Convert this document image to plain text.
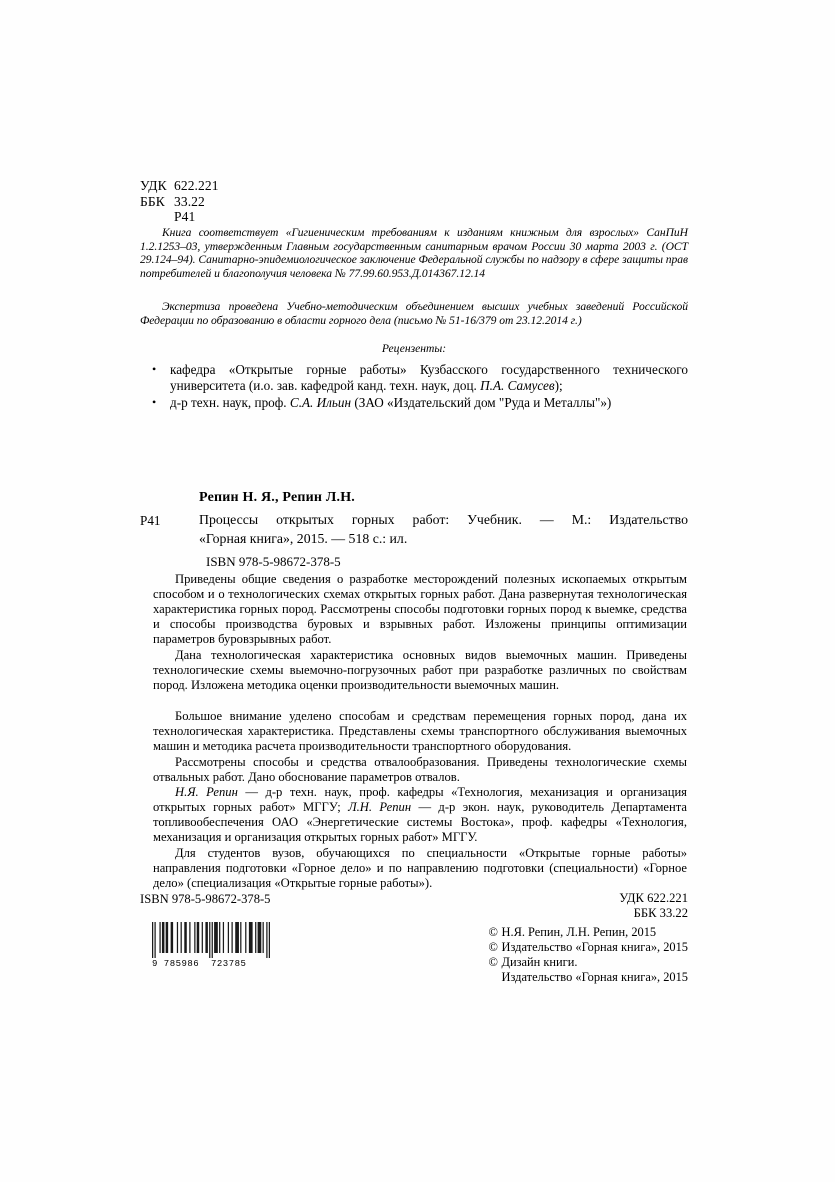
УДК 622.221
ББК 33.22
Р41
Книга соответствует «Гигиеническим требованиям к изданиям книжным для взрослых» СанПиН 1.2.1253–03, утвержденным Главным государственным санитарным врачом России 30 марта 2003 г. (ОСТ 29.124–94). Санитарно-эпидемиологическое заключение Федеральной службы по надзору в сфере защиты прав потребителей и благополучия человека № 77.99.60.953.Д.014367.12.14
Экспертиза проведена Учебно-методическим объединением высших учебных заведений Российской Федерации по образованию в области горного дела (письмо № 51-16/379 от 23.12.2014 г.)
Рецензенты:
• кафедра «Открытые горные работы» Кузбасского государственного технического университета (и.о. зав. кафедрой канд. техн. наук, доц. П.А. Самусев);
• д-р техн. наук, проф. С.А. Ильин (ЗАО «Издательский дом "Руда и Металлы"»)
Репин Н. Я., Репин Л.Н.
Р41	Процессы открытых горных работ: Учебник. — М.: Издательство
«Горная книга», 2015. — 518 с.: ил.
ISBN 978-5-98672-378-5
Приведены общие сведения о разработке месторождений полезных ископаемых открытым способом и о технологических схемах открытых горных работ. Дана развернутая технологическая характеристика горных пород. Рассмотрены способы подготовки горных пород к выемке, средства и способы производства буровых и взрывных работ. Изложены принципы оптимизации параметров буровзрывных работ.
Дана технологическая характеристика основных видов выемочных машин. Приведены технологические схемы выемочно-погрузочных работ при разработке различных по свойствам пород. Изложена методика оценки производительности выемочных машин.
Большое внимание уделено способам и средствам перемещения горных пород, дана их технологическая характеристика. Представлены схемы транспортного обслуживания выемочных машин и методика расчета производительности транспортного оборудования.
Рассмотрены способы и средства отвалообразования. Приведены технологические схемы отвальных работ. Дано обоснование параметров отвалов.
Н.Я. Репин — д-р техн. наук, проф. кафедры «Технология, механизация и организация открытых горных работ» МГГУ; Л.Н. Репин — д-р экон. наук, руководитель Департамента топливообеспечения ОАО «Энергетические системы Востока», проф. кафедры «Технология, механизация и организация открытых горных работ» МГГУ.
Для студентов вузов, обучающихся по специальности «Открытые горные работы» направления подготовки «Горное дело» и по направлению подготовки (специальности) «Горное дело» (специализация «Открытые горные работы»).
ISBN 978-5-98672-378-5	УДК 622.221
ББК 33.22
© Н.Я. Репин, Л.Н. Репин, 2015
© Издательство «Горная книга», 2015
© Дизайн книги.
Издательство «Горная книга», 2015
9 785986  723785
